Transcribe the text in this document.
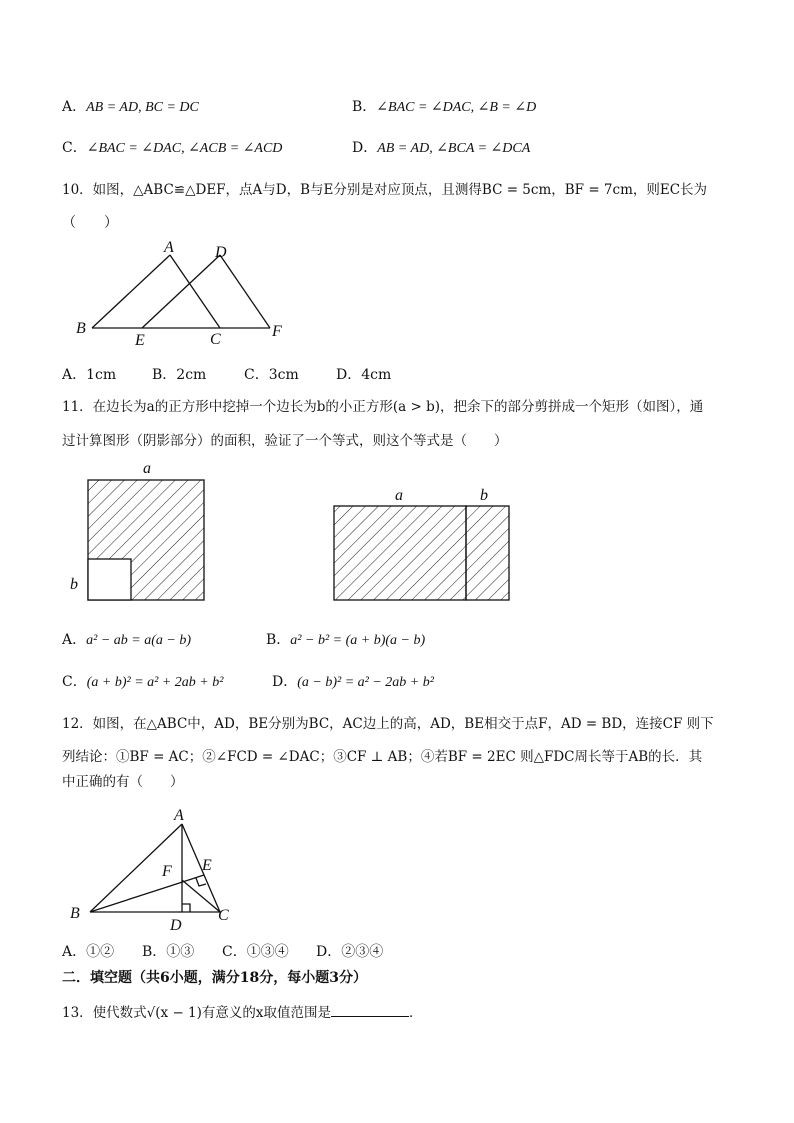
A．AB = AD, BC = DC	B．∠BAC = ∠DAC, ∠B = ∠D
C．∠BAC = ∠DAC, ∠ACB = ∠ACD	D．AB = AD, ∠BCA = ∠DCA
10．如图，△ABC≌△DEF，点A与D，B与E分别是对应顶点，且测得BC = 5cm，BF = 7cm，则EC长为
（　　）
A	D
B
E	C	F
A．1cm	B．2cm	C．3cm	D．4cm
11．在边长为a的正方形中挖掉一个边长为b的小正方形(a > b)，把余下的部分剪拼成一个矩形（如图），通
过计算图形（阴影部分）的面积，验证了一个等式，则这个等式是（　　）
a
b
a	b
A．a² − ab = a(a − b)	B．a² − b² = (a + b)(a − b)
C．(a + b)² = a² + 2ab + b²	D．(a − b)² = a² − 2ab + b²
12．如图，在△ABC中，AD，BE分别为BC，AC边上的高，AD，BE相交于点F，AD = BD，连接CF 则下
列结论：①BF = AC；②∠FCD = ∠DAC；③CF ⊥ AB；④若BF = 2EC 则△FDC周长等于AB的长．其
中正确的有（　　）
A
B	C
D
E
F
A．①② B．①③ C．①③④ D．②③④
二．填空题（共6小题，满分18分，每小题3分）
13．使代数式√(x − 1)有意义的x取值范围是	．
